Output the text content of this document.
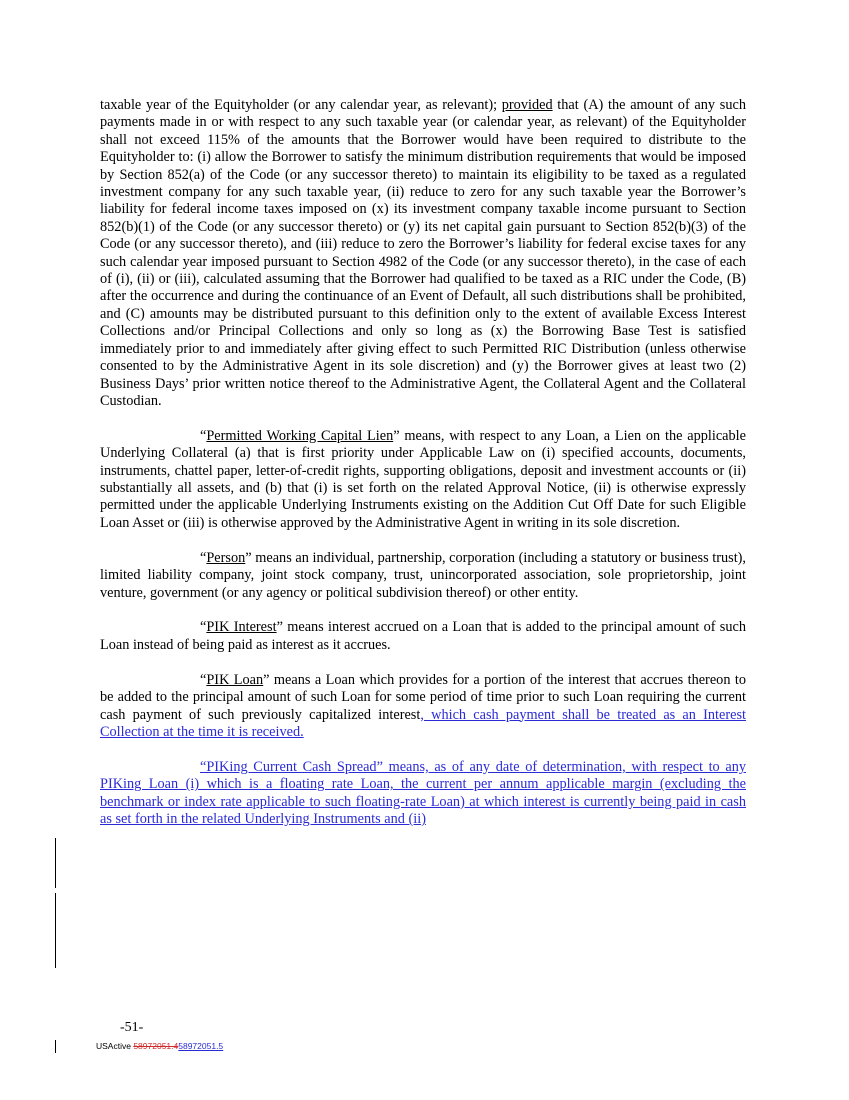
taxable year of the Equityholder (or any calendar year, as relevant); provided that (A) the amount of any such payments made in or with respect to any such taxable year (or calendar year, as relevant) of the Equityholder shall not exceed 115% of the amounts that the Borrower would have been required to distribute to the Equityholder to: (i) allow the Borrower to satisfy the minimum distribution requirements that would be imposed by Section 852(a) of the Code (or any successor thereto) to maintain its eligibility to be taxed as a regulated investment company for any such taxable year, (ii) reduce to zero for any such taxable year the Borrower’s liability for federal income taxes imposed on (x) its investment company taxable income pursuant to Section 852(b)(1) of the Code (or any successor thereto) or (y) its net capital gain pursuant to Section 852(b)(3) of the Code (or any successor thereto), and (iii) reduce to zero the Borrower’s liability for federal excise taxes for any such calendar year imposed pursuant to Section 4982 of the Code (or any successor thereto), in the case of each of (i), (ii) or (iii), calculated assuming that the Borrower had qualified to be taxed as a RIC under the Code, (B) after the occurrence and during the continuance of an Event of Default, all such distributions shall be prohibited, and (C) amounts may be distributed pursuant to this definition only to the extent of available Excess Interest Collections and/or Principal Collections and only so long as (x) the Borrowing Base Test is satisfied immediately prior to and immediately after giving effect to such Permitted RIC Distribution (unless otherwise consented to by the Administrative Agent in its sole discretion) and (y) the Borrower gives at least two (2) Business Days’ prior written notice thereof to the Administrative Agent, the Collateral Agent and the Collateral Custodian.

“Permitted Working Capital Lien” means, with respect to any Loan, a Lien on the applicable Underlying Collateral (a) that is first priority under Applicable Law on (i) specified accounts, documents, instruments, chattel paper, letter-of-credit rights, supporting obligations, deposit and investment accounts or (ii) substantially all assets, and (b) that (i) is set forth on the related Approval Notice, (ii) is otherwise expressly permitted under the applicable Underlying Instruments existing on the Addition Cut Off Date for such Eligible Loan Asset or (iii) is otherwise approved by the Administrative Agent in writing in its sole discretion.

“Person” means an individual, partnership, corporation (including a statutory or business trust), limited liability company, joint stock company, trust, unincorporated association, sole proprietorship, joint venture, government (or any agency or political subdivision thereof) or other entity.

“PIK Interest” means interest accrued on a Loan that is added to the principal amount of such Loan instead of being paid as interest as it accrues.

“PIK Loan” means a Loan which provides for a portion of the interest that accrues thereon to be added to the principal amount of such Loan for some period of time prior to such Loan requiring the current cash payment of such previously capitalized interest, which cash payment shall be treated as an Interest Collection at the time it is received.

“PIKing Current Cash Spread” means, as of any date of determination, with respect to any PIKing Loan (i) which is a floating rate Loan, the current per annum applicable margin (excluding the benchmark or index rate applicable to such floating-rate Loan) at which interest is currently being paid in cash as set forth in the related Underlying Instruments and (ii)

-51-
USActive 58972051.458972051.5
